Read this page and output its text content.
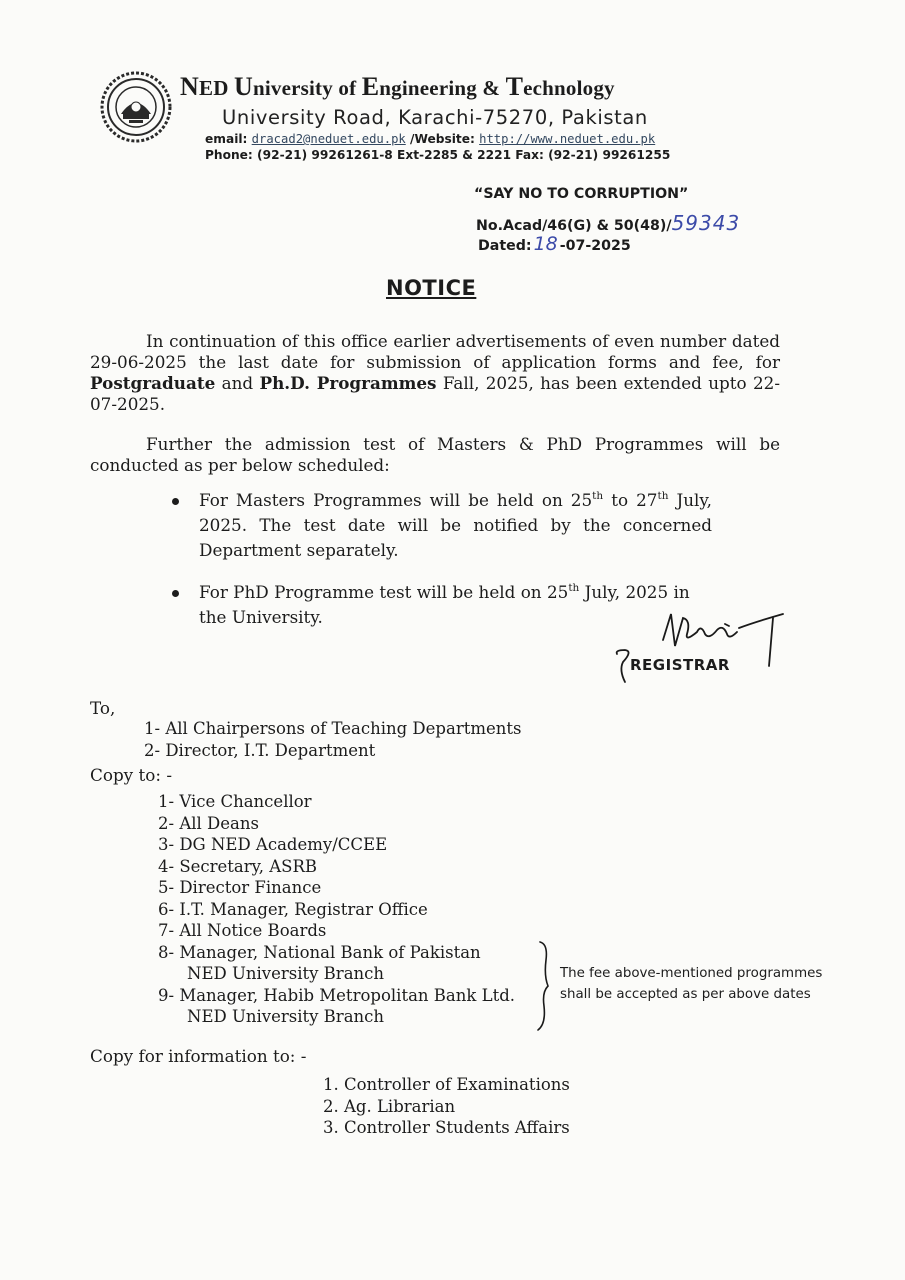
NED University of Engineering & Technology
University Road, Karachi-75270, Pakistan
email: dracad2@neduet.edu.pk /Website: http://www.neduet.edu.pk
Phone: (92-21) 99261261-8 Ext-2285 & 2221 Fax: (92-21) 99261255
“SAY NO TO CORRUPTION”
No.Acad/46(G) & 50(48)/59343
Dated: 18 -07-2025
NOTICE
In continuation of this office earlier advertisements of even number dated 29-06-2025 the last date for submission of application forms and fee, for Postgraduate and Ph.D. Programmes Fall, 2025, has been extended upto 22-07-2025.
Further the admission test of Masters & PhD Programmes will be conducted as per below scheduled:
For Masters Programmes will be held on 25th to 27th July, 2025. The test date will be notified by the concerned Department separately.
For PhD Programme test will be held on 25th July, 2025 in the University.
REGISTRAR
To,
1- All Chairpersons of Teaching Departments
2- Director, I.T. Department
Copy to: -
1- Vice Chancellor
2- All Deans
3- DG NED Academy/CCEE
4- Secretary, ASRB
5- Director Finance
6- I.T. Manager, Registrar Office
7- All Notice Boards
8- Manager, National Bank of Pakistan
NED University Branch
9- Manager, Habib Metropolitan Bank Ltd.
NED University Branch
The fee above-mentioned programmes
shall be accepted as per above dates
Copy for information to: -
1. Controller of Examinations
2. Ag. Librarian
3. Controller Students Affairs
